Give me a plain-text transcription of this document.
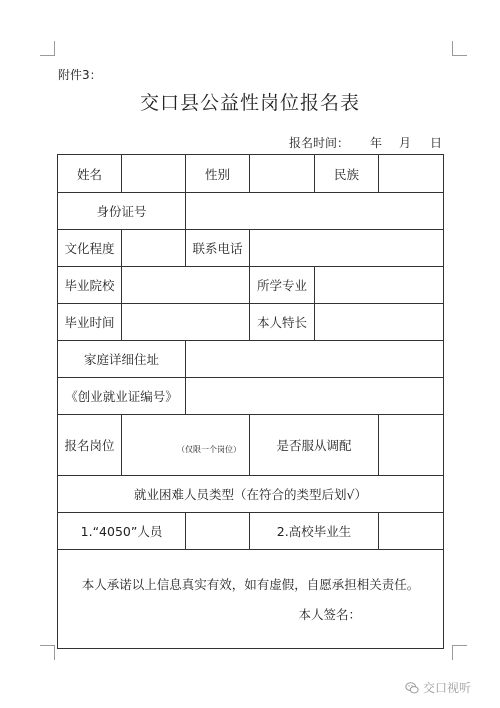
附件3：
交口县公益性岗位报名表
报名时间： 年 月 日
姓名		性别		民族	
身份证号					
文化程度		联系电话			
毕业院校			所学专业		
毕业时间			本人特长		
家庭详细住址					
《创业就业证编号》					
报名岗位	（仅限一个岗位）		是否服从调配		
就业困难人员类型（在符合的类型后划√）					
1.“4050”人员			2.高校毕业生		

本人承诺以上信息真实有效，如有虚假，自愿承担相关责任。
本人签名：					
交口视听
